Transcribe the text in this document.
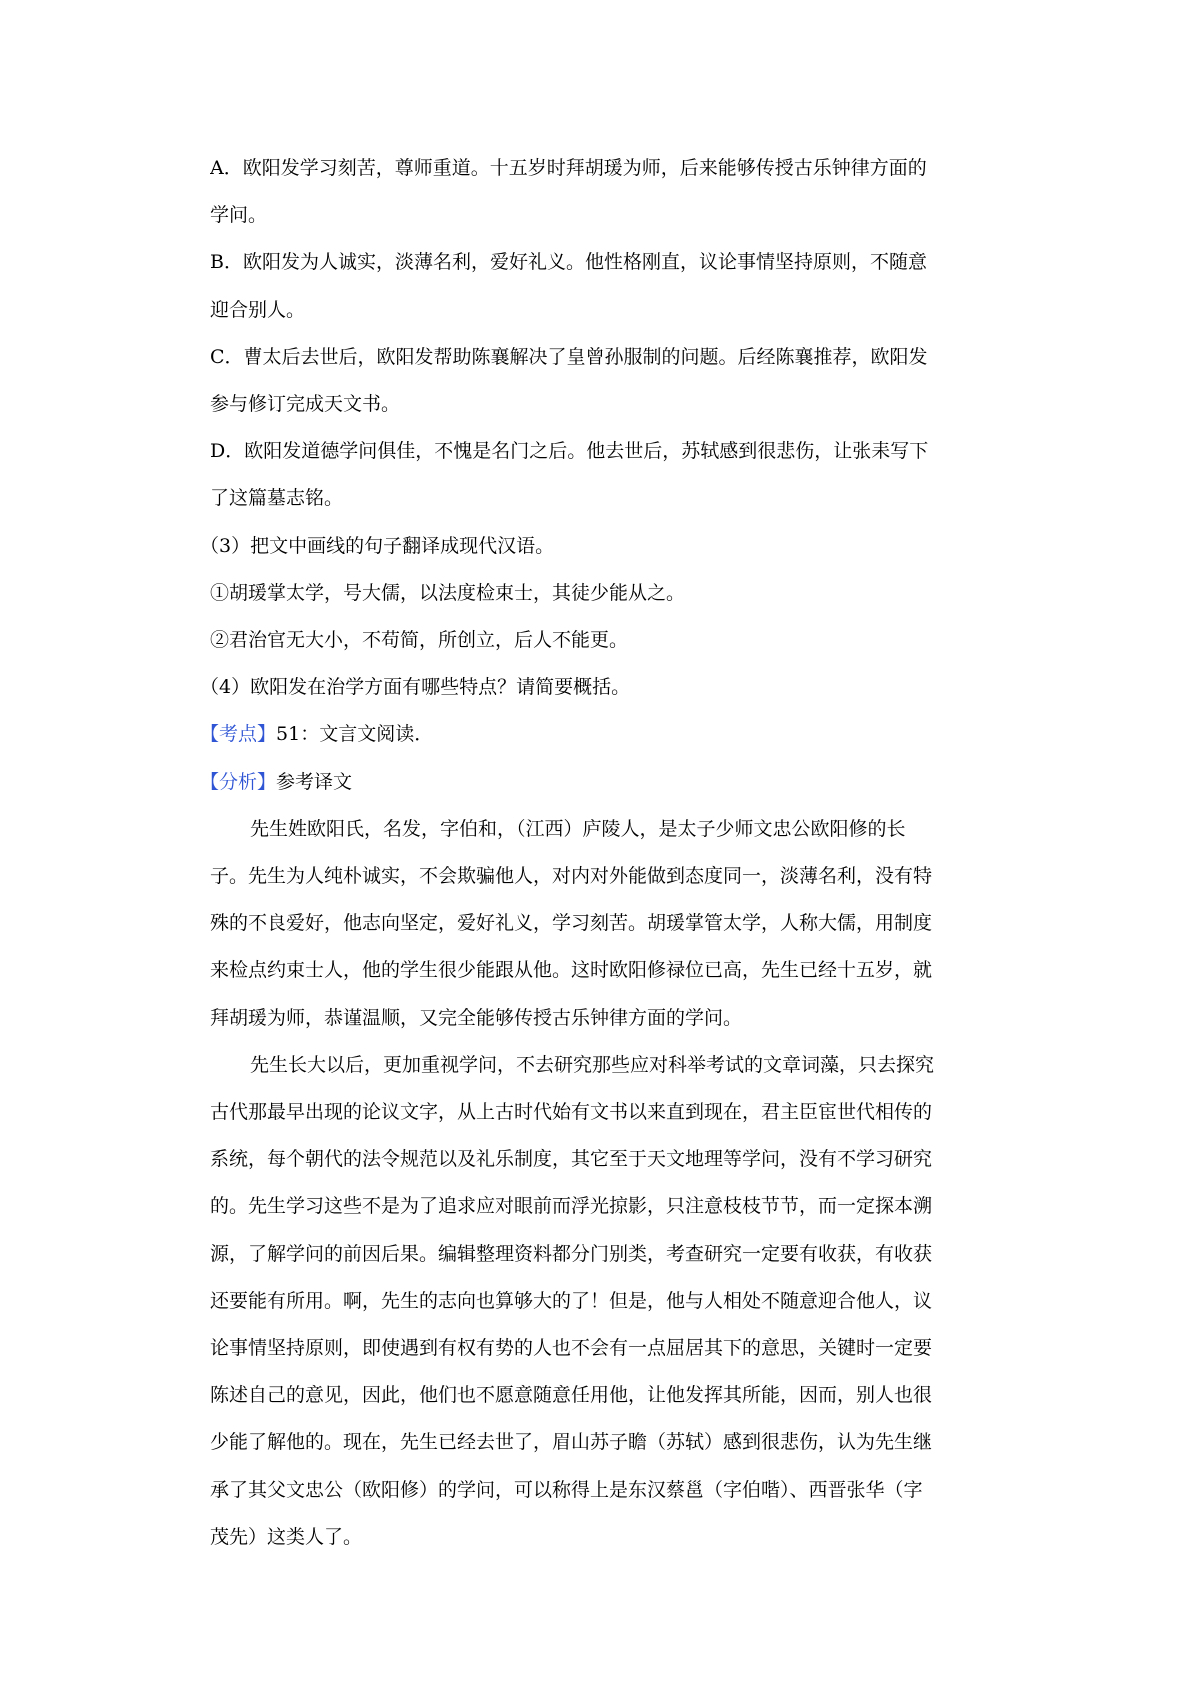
A．欧阳发学习刻苦，尊师重道。十五岁时拜胡瑗为师，后来能够传授古乐钟律方面的
学问。
B．欧阳发为人诚实，淡薄名利，爱好礼义。他性格刚直，议论事情坚持原则，不随意
迎合别人。
C．曹太后去世后，欧阳发帮助陈襄解决了皇曾孙服制的问题。后经陈襄推荐，欧阳发
参与修订完成天文书。
D．欧阳发道德学问俱佳，不愧是名门之后。他去世后，苏轼感到很悲伤，让张耒写下
了这篇墓志铭。
（3）把文中画线的句子翻译成现代汉语。
①胡瑗掌太学，号大儒，以法度检束士，其徒少能从之。
②君治官无大小，不苟简，所创立，后人不能更。
（4）欧阳发在治学方面有哪些特点？请简要概括。
【考点】51：文言文阅读．
【分析】参考译文
先生姓欧阳氏，名发，字伯和，（江西）庐陵人，是太子少师文忠公欧阳修的长
子。先生为人纯朴诚实，不会欺骗他人，对内对外能做到态度同一，淡薄名利，没有特
殊的不良爱好，他志向坚定，爱好礼义，学习刻苦。胡瑗掌管太学，人称大儒，用制度
来检点约束士人，他的学生很少能跟从他。这时欧阳修禄位已高，先生已经十五岁，就
拜胡瑗为师，恭谨温顺，又完全能够传授古乐钟律方面的学问。
先生长大以后，更加重视学问，不去研究那些应对科举考试的文章词藻，只去探究
古代那最早出现的论议文字，从上古时代始有文书以来直到现在，君主臣宦世代相传的
系统，每个朝代的法令规范以及礼乐制度，其它至于天文地理等学问，没有不学习研究
的。先生学习这些不是为了追求应对眼前而浮光掠影，只注意枝枝节节，而一定探本溯
源，了解学问的前因后果。编辑整理资料都分门别类，考查研究一定要有收获，有收获
还要能有所用。啊，先生的志向也算够大的了！但是，他与人相处不随意迎合他人，议
论事情坚持原则，即使遇到有权有势的人也不会有一点屈居其下的意思，关键时一定要
陈述自己的意见，因此，他们也不愿意随意任用他，让他发挥其所能，因而，别人也很
少能了解他的。现在，先生已经去世了，眉山苏子瞻（苏轼）感到很悲伤，认为先生继
承了其父文忠公（欧阳修）的学问，可以称得上是东汉蔡邕（字伯喈）、西晋张华（字
茂先）这类人了。
